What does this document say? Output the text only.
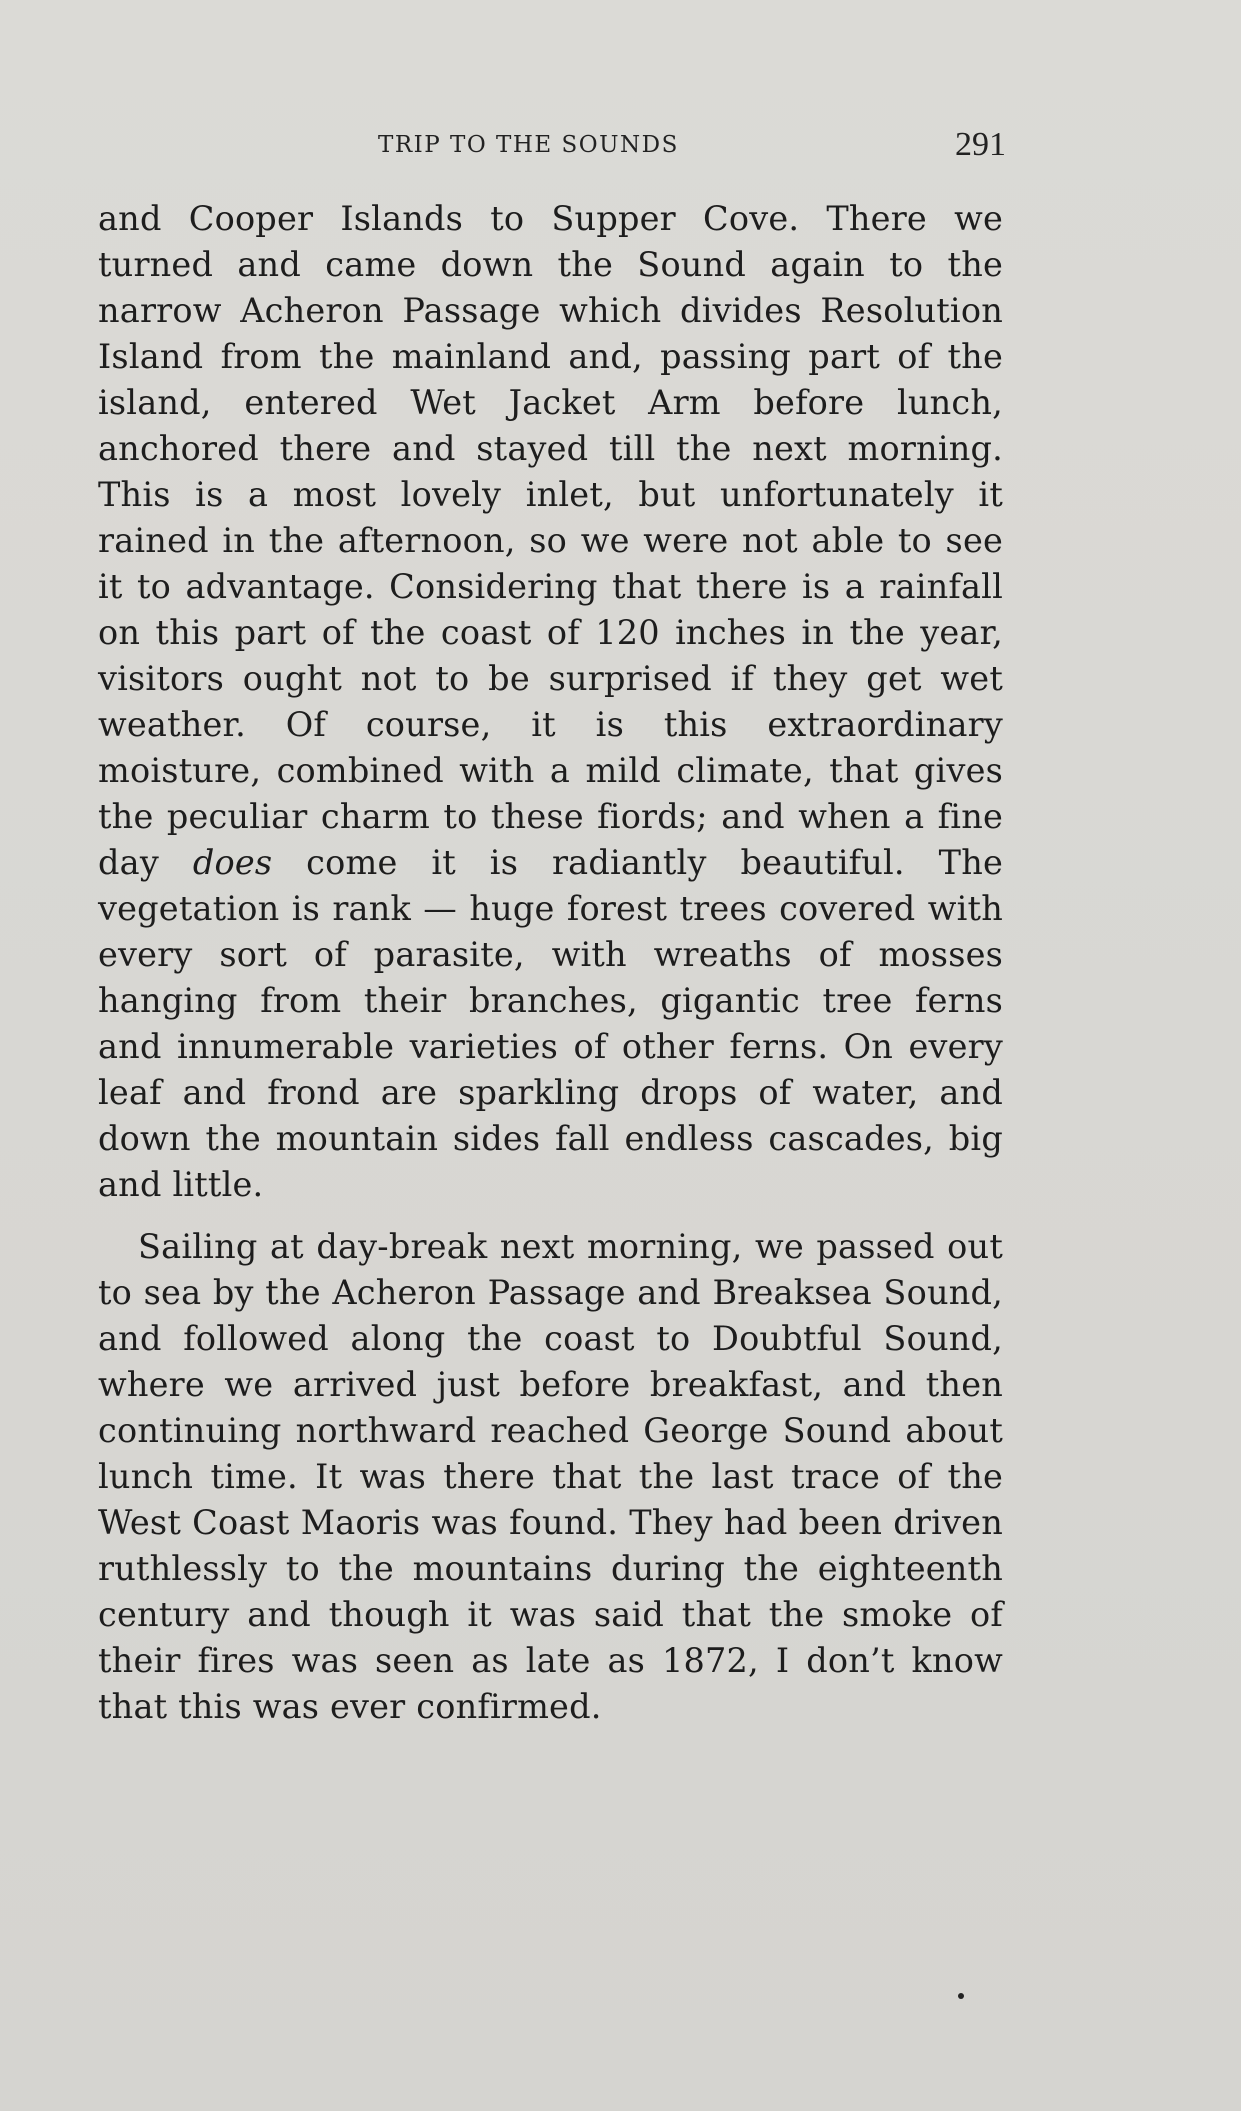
TRIP TO THE SOUNDS	291

and Cooper Islands to Supper Cove. There we turned and came down the Sound again to the narrow Acheron Passage which divides Resolution Island from the mainland and, passing part of the island, entered Wet Jacket Arm before lunch, anchored there and stayed till the next morning. This is a most lovely inlet, but unfortunately it rained in the afternoon, so we were not able to see it to advantage. Considering that there is a rainfall on this part of the coast of 120 inches in the year, visitors ought not to be surprised if they get wet weather. Of course, it is this extraordinary moisture, combined with a mild climate, that gives the peculiar charm to these fiords; and when a fine day does come it is radiantly beautiful. The vegetation is rank — huge forest trees covered with every sort of parasite, with wreaths of mosses hanging from their branches, gigantic tree ferns and innumerable varieties of other ferns. On every leaf and frond are sparkling drops of water, and down the mountain sides fall endless cascades, big and little.

Sailing at day-break next morning, we passed out to sea by the Acheron Passage and Breaksea Sound, and followed along the coast to Doubtful Sound, where we arrived just before breakfast, and then continuing northward reached George Sound about lunch time. It was there that the last trace of the West Coast Maoris was found. They had been driven ruthlessly to the mountains during the eighteenth century and though it was said that the smoke of their fires was seen as late as 1872, I don’t know that this was ever confirmed.
